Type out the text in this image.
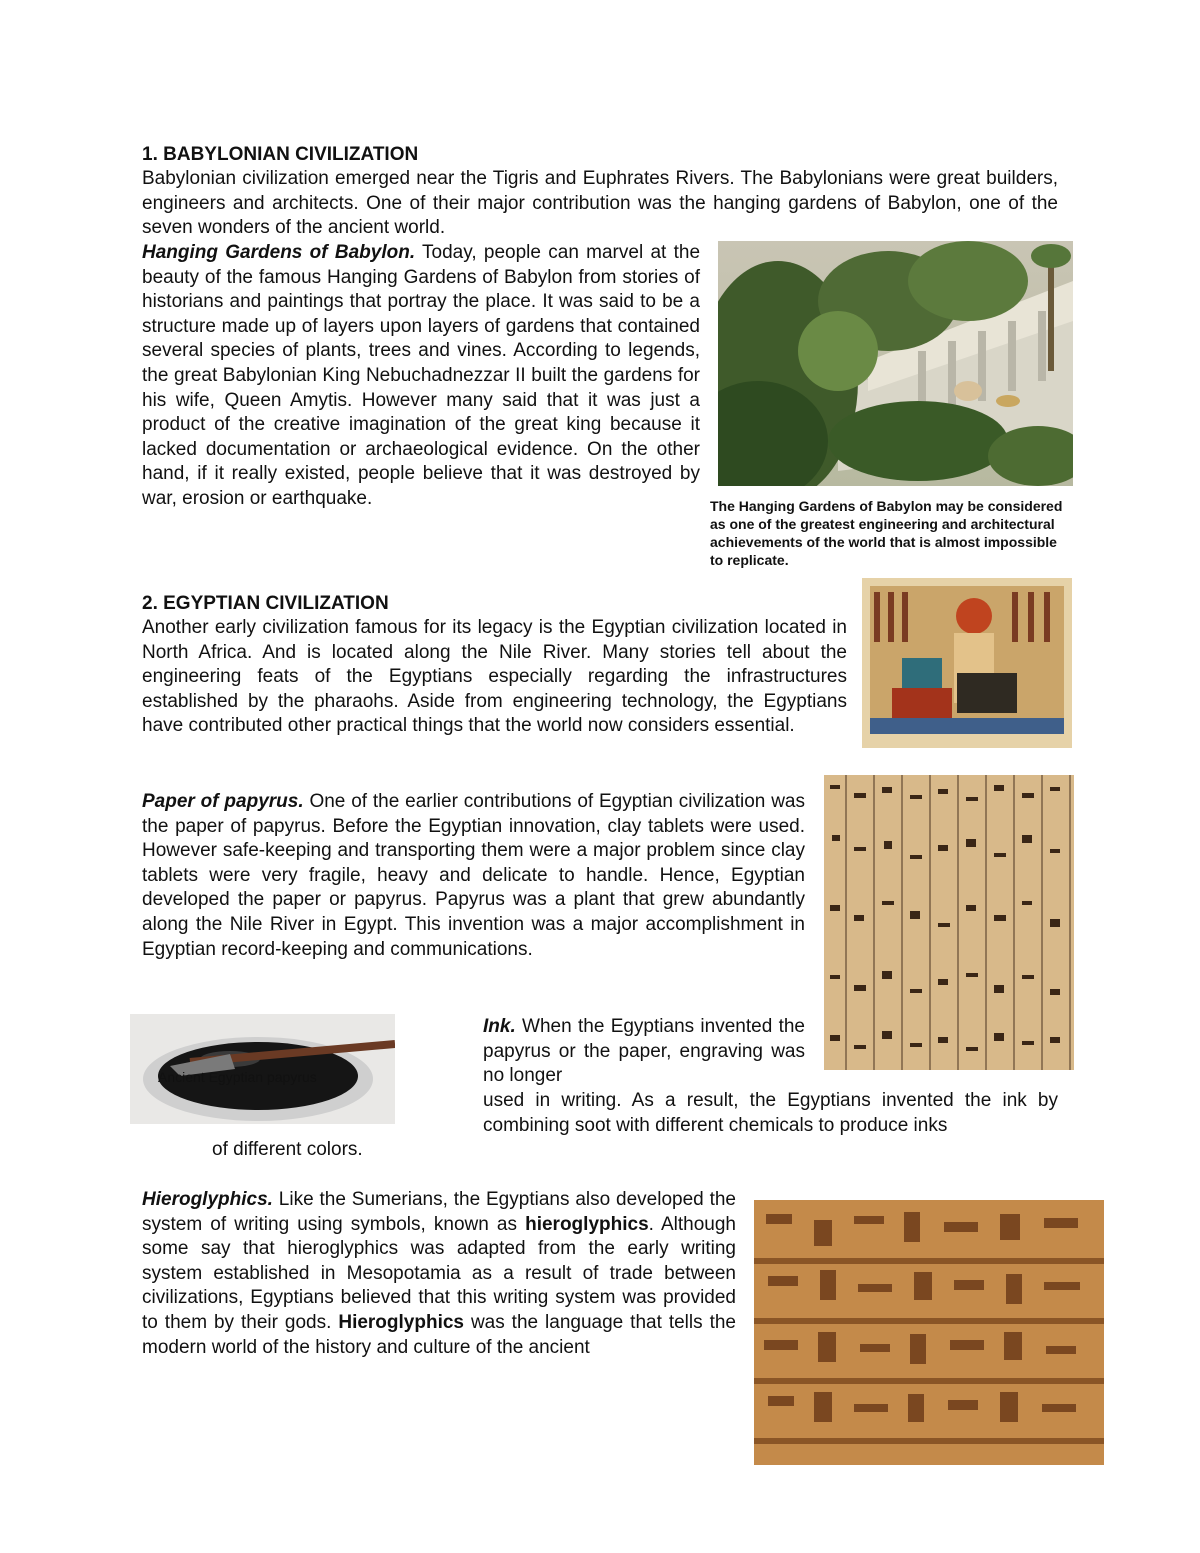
1. BABYLONIAN CIVILIZATION

Babylonian civilization emerged near the Tigris and Euphrates Rivers. The Babylonians were great builders, engineers and architects. One of their major contribution was the hanging gardens of Babylon, one of the seven wonders of the ancient world.

Hanging Gardens of Babylon. Today, people can marvel at the beauty of the famous Hanging Gardens of Babylon from stories of historians and paintings that portray the place. It was said to be a structure made up of layers upon layers of gardens that contained several species of plants, trees and vines. According to legends, the great Babylonian King Nebuchadnezzar II built the gardens for his wife, Queen Amytis. However many said that it was just a product of the creative imagination of the great king because it lacked documentation or archaeological evidence. On the other hand, if it really existed, people believe that it was destroyed by war, erosion or earthquake.	The Hanging Gardens of Babylon may be considered as one of the greatest engineering and architectural achievements of the world that is almost impossible to replicate.
2. EGYPTIAN CIVILIZATION

Another early civilization famous for its legacy is the Egyptian civilization located in North Africa. And is located along the Nile River. Many stories tell about the engineering feats of the Egyptians especially regarding the infrastructures established by the pharaohs. Aside from engineering technology, the Egyptians have contributed other practical things that the world now considers essential.

Paper of papyrus. One of the earlier contributions of Egyptian civilization was the paper of papyrus. Before the Egyptian innovation, clay tablets were used. However safe-keeping and transporting them were a major problem since clay tablets were very fragile, heavy and delicate to handle. Hence, Egyptian developed the paper or papyrus. Papyrus was a plant that grew abundantly along the Nile River in Egypt. This invention was a major accomplishment in Egyptian record-keeping and communications.

Ancient Egyptian papyrus

Ink. When the Egyptians invented the papyrus or the paper, engraving was no longer

used in writing. As a result, the Egyptians invented the ink by combining soot with different chemicals to produce inks

of different colors.

Hieroglyphics. Like the Sumerians, the Egyptians also developed the system of writing using symbols, known as hieroglyphics. Although some say that hieroglyphics was adapted from the early writing system established in Mesopotamia as a result of trade between civilizations, Egyptians believed that this writing system was provided to them by their gods. Hieroglyphics was the language that tells the modern world of the history and culture of the ancient
